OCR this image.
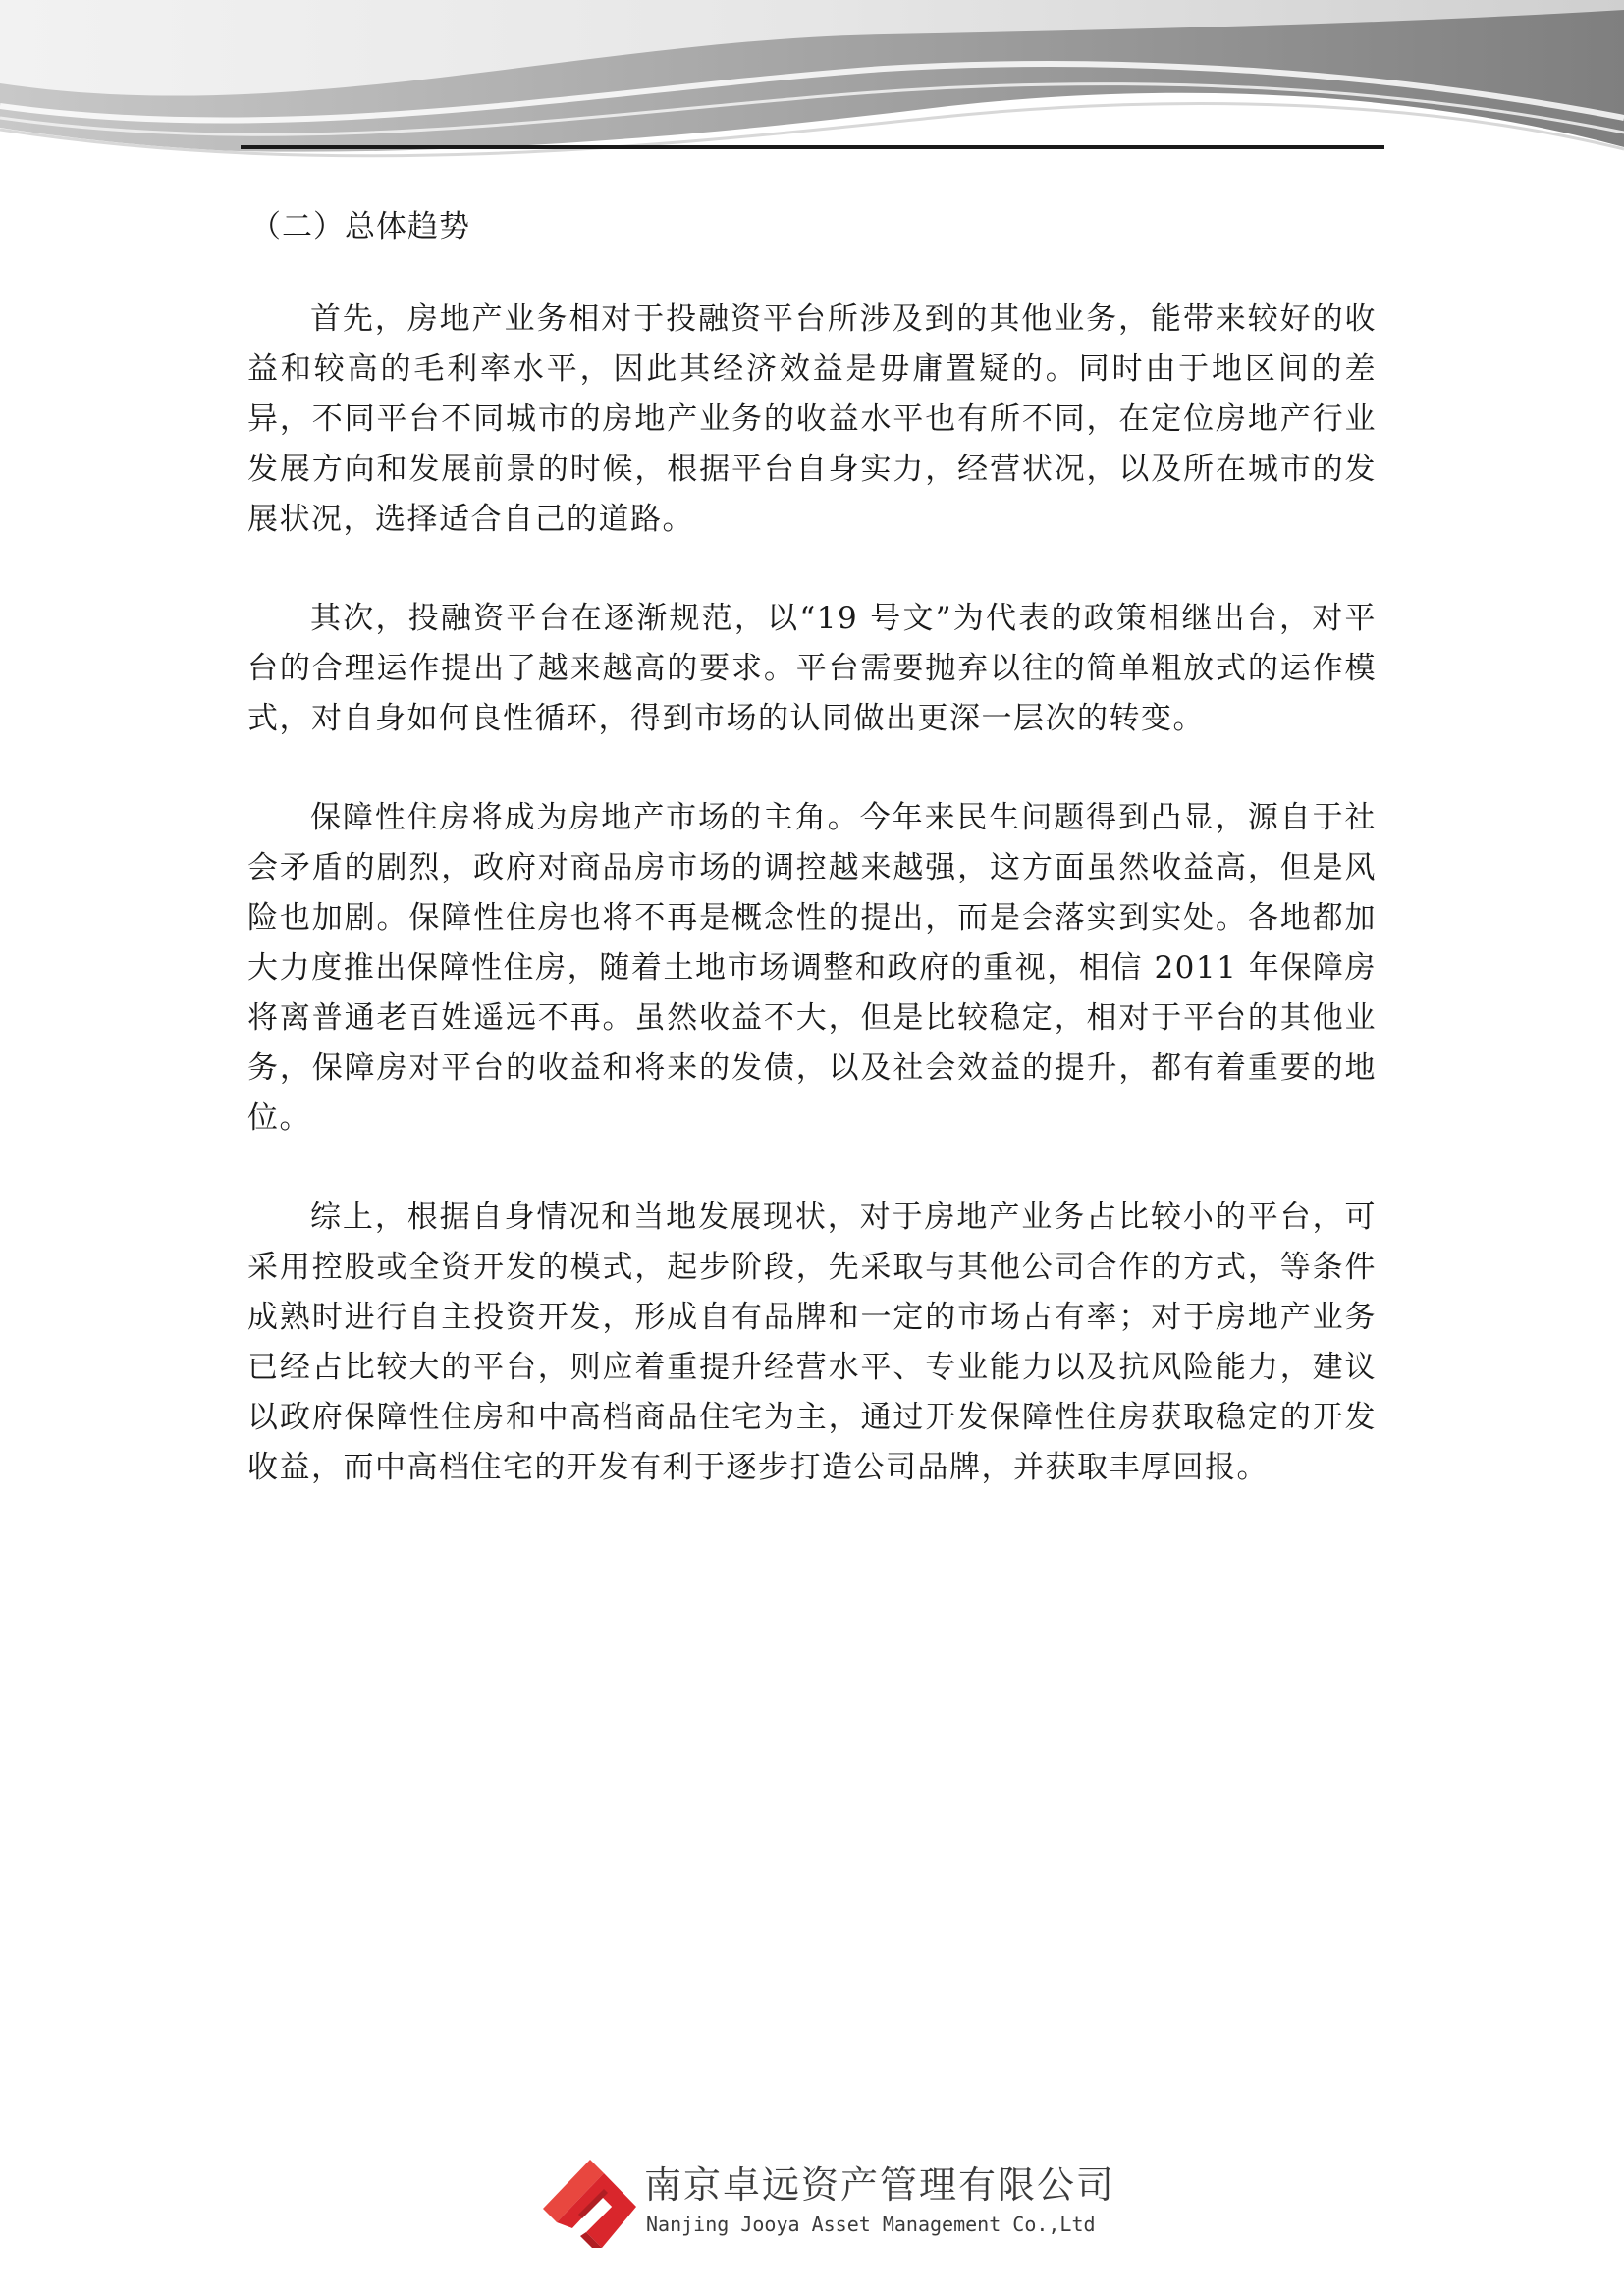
（二）总体趋势

首先，房地产业务相对于投融资平台所涉及到的其他业务，能带来较好的收益和较高的毛利率水平，因此其经济效益是毋庸置疑的。同时由于地区间的差异，不同平台不同城市的房地产业务的收益水平也有所不同，在定位房地产行业发展方向和发展前景的时候，根据平台自身实力，经营状况，以及所在城市的发展状况，选择适合自己的道路。

其次，投融资平台在逐渐规范，以“19 号文”为代表的政策相继出台，对平台的合理运作提出了越来越高的要求。平台需要抛弃以往的简单粗放式的运作模式，对自身如何良性循环，得到市场的认同做出更深一层次的转变。

保障性住房将成为房地产市场的主角。今年来民生问题得到凸显，源自于社会矛盾的剧烈，政府对商品房市场的调控越来越强，这方面虽然收益高，但是风险也加剧。保障性住房也将不再是概念性的提出，而是会落实到实处。各地都加大力度推出保障性住房，随着土地市场调整和政府的重视，相信 2011 年保障房将离普通老百姓遥远不再。虽然收益不大，但是比较稳定，相对于平台的其他业务，保障房对平台的收益和将来的发债，以及社会效益的提升，都有着重要的地位。

综上，根据自身情况和当地发展现状，对于房地产业务占比较小的平台，可采用控股或全资开发的模式，起步阶段，先采取与其他公司合作的方式，等条件成熟时进行自主投资开发，形成自有品牌和一定的市场占有率；对于房地产业务已经占比较大的平台，则应着重提升经营水平、专业能力以及抗风险能力，建议以政府保障性住房和中高档商品住宅为主，通过开发保障性住房获取稳定的开发收益，而中高档住宅的开发有利于逐步打造公司品牌，并获取丰厚回报。

南京卓远资产管理有限公司
Nanjing Jooya Asset Management Co.,Ltd
